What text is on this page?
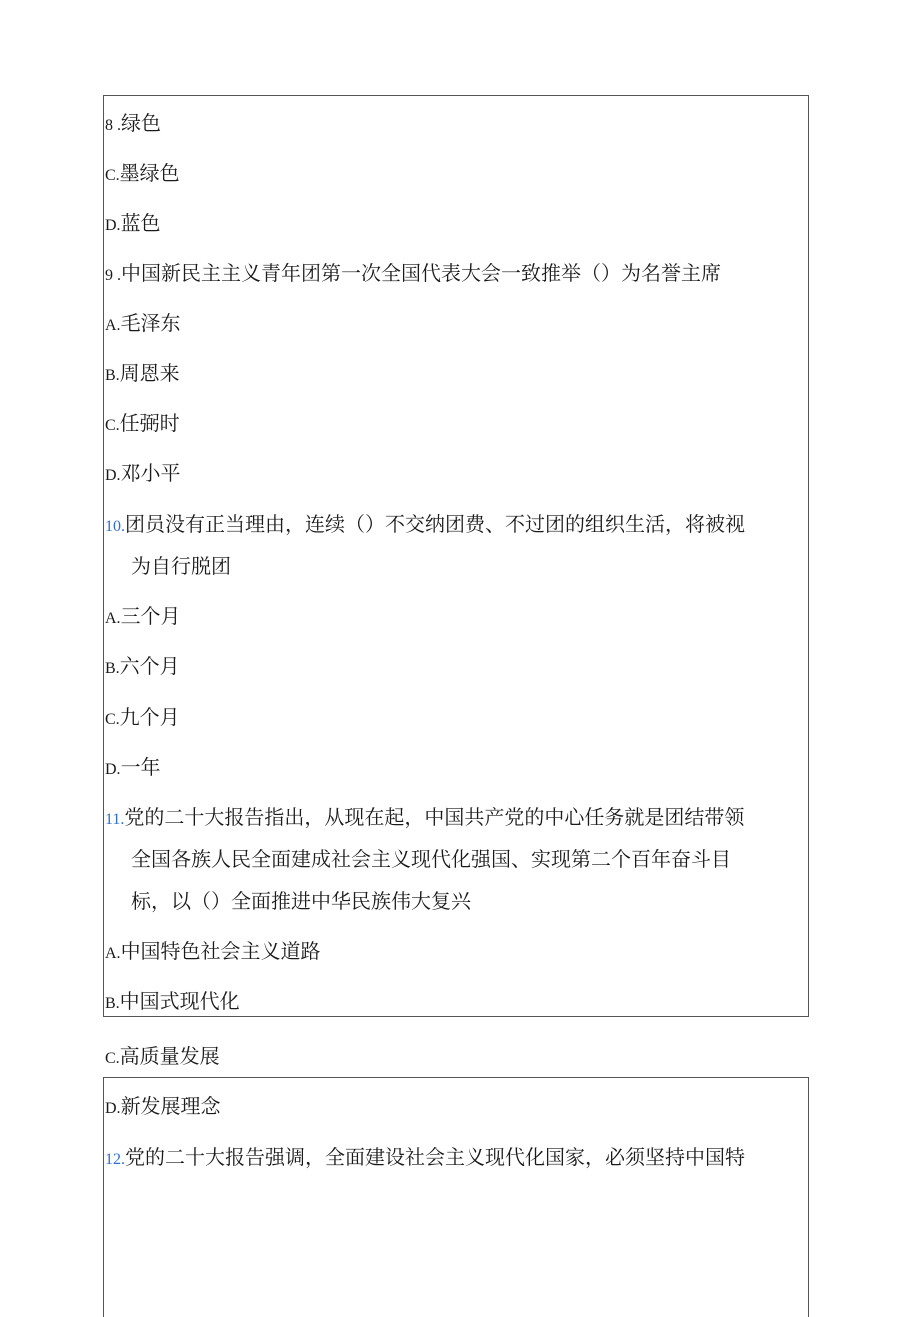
8 .绿色
C.墨绿色
D.蓝色
9 .中国新民主主义青年团第一次全国代表大会一致推举（）为名誉主席
A.毛泽东
B.周恩来
C.任弼时
D.邓小平
10.团员没有正当理由，连续（）不交纳团费、不过团的组织生活，将被视
为自行脱团
A.三个月
B.六个月
C.九个月
D.一年
11.党的二十大报告指出，从现在起，中国共产党的中心任务就是团结带领
全国各族人民全面建成社会主义现代化强国、实现第二个百年奋斗目
标，以（）全面推进中华民族伟大复兴
A.中国特色社会主义道路
B.中国式现代化
C.高质量发展
D.新发展理念
12.党的二十大报告强调，全面建设社会主义现代化国家，必须坚持中国特
